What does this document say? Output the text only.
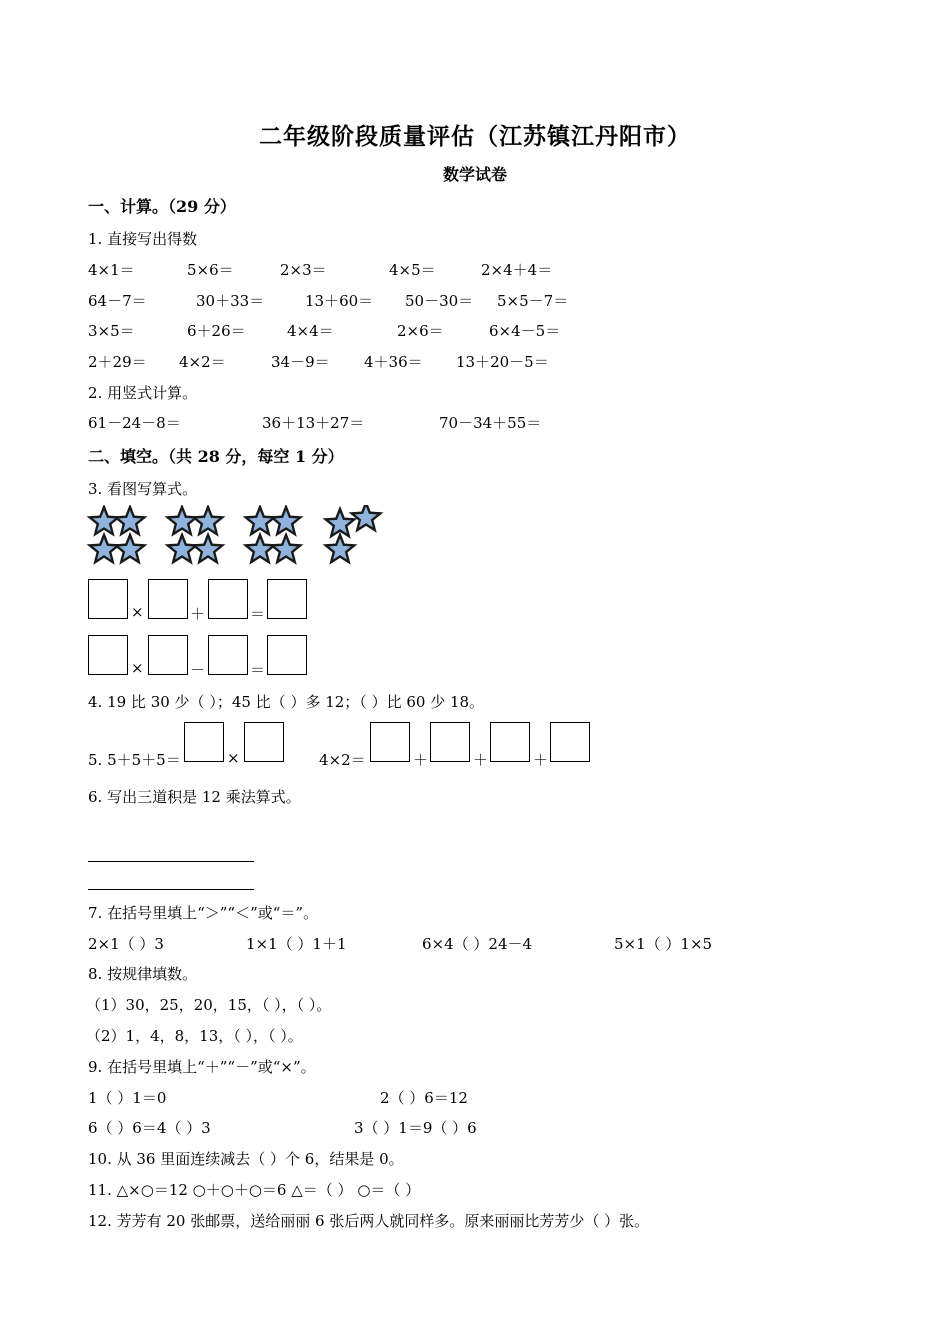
二年级阶段质量评估（江苏镇江丹阳市）
数学试卷
一、计算。（29 分）
1. 直接写出得数
4×1＝	5×6＝	2×3＝	4×5＝	2×4＋4＝
64－7＝	30＋33＝	13＋60＝ 50－30＝ 5×5－7＝
3×5＝	6＋26＝	4×4＝	2×6＝	6×4－5＝
2＋29＝ 4×2＝	34－9＝ 4＋36＝ 13＋20－5＝
2. 用竖式计算。
61－24－8＝	36＋13＋27＝	70－34＋55＝
二、填空。（共 28 分，每空 1 分）
3. 看图写算式。
×	＋	＝
×	－	＝
4. 19 比 30 少（ ）；45 比（ ）多 12；（ ）比 60 少 18。
5. 5＋5＋5＝	×	4×2＝	＋	＋	＋
6. 写出三道积是 12 乘法算式。
7. 在括号里填上“＞”“＜”或“＝”。
2×1（ ）3	1×1（ ）1＋1	6×4（ ）24－4	5×1（ ）1×5
8. 按规律填数。
（1）30，25，20，15，（ ），（ ）。
（2）1，4，8，13，（ ），（ ）。
9. 在括号里填上“＋”“－”或“×”。
1（ ）1＝0	2（ ）6＝12
6（ ）6＝4（ ）3	3（ ）1＝9（ ）6
10. 从 36 里面连续减去（ ）个 6，结果是 0。
11. △×○＝12 ○＋○＋○＝6 △＝（ ） ○＝（ ）
12. 芳芳有 20 张邮票，送给丽丽 6 张后两人就同样多。原来丽丽比芳芳少（ ）张。
